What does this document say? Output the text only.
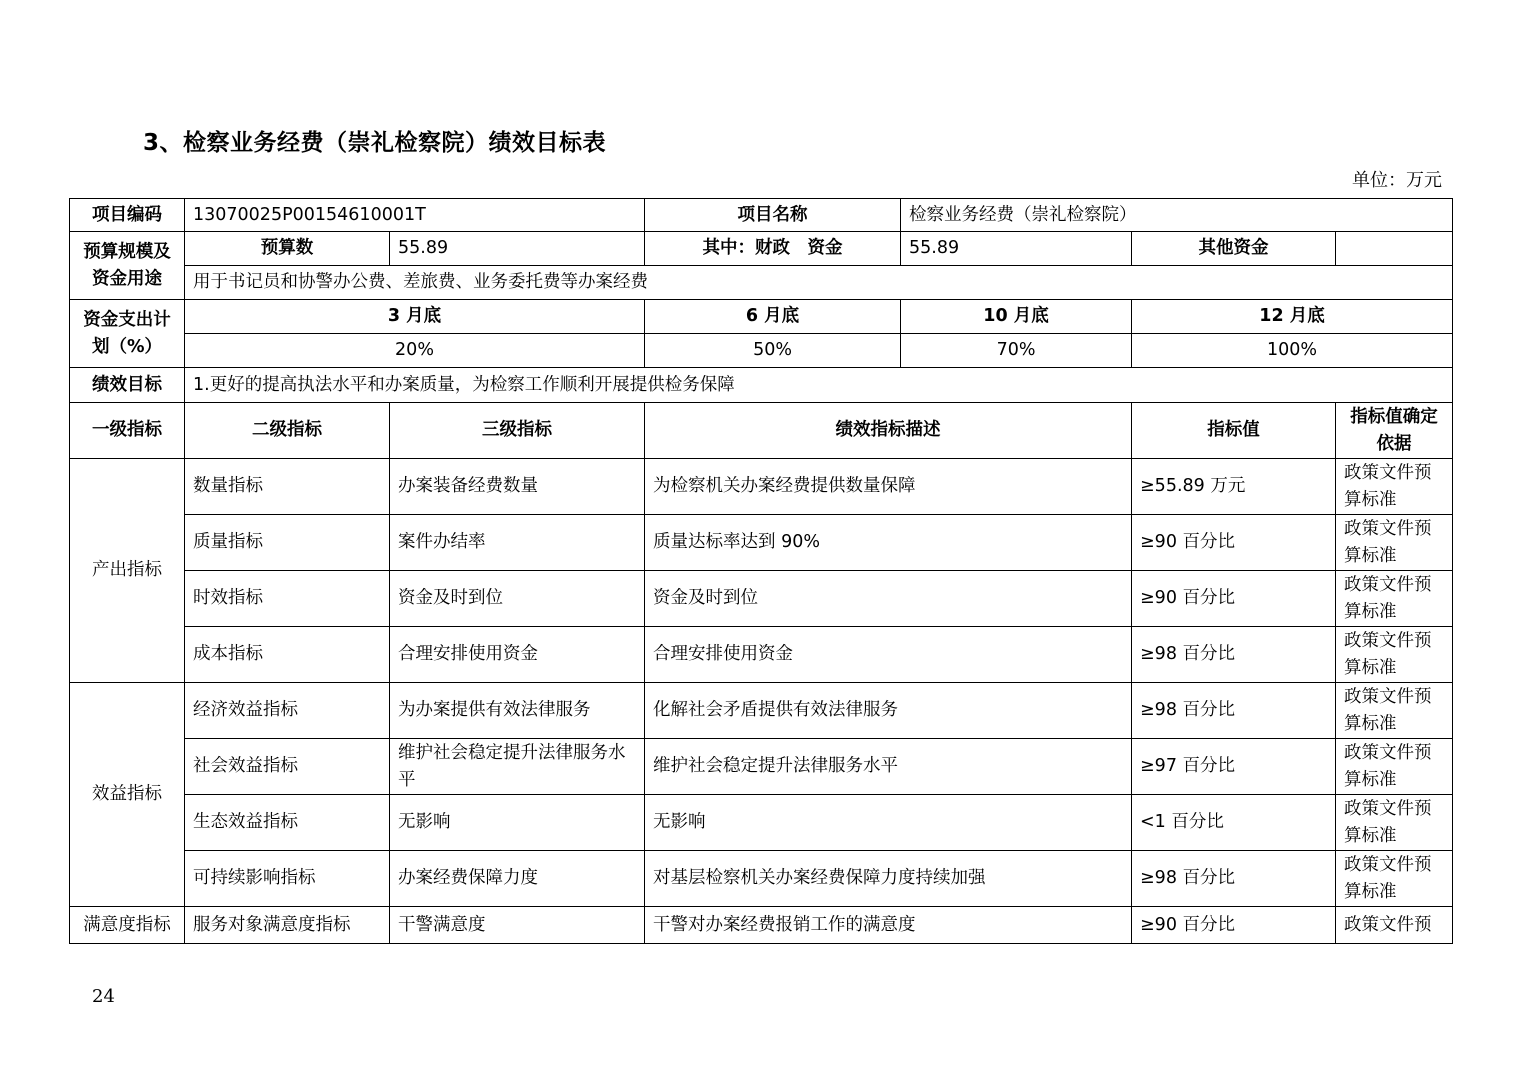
3、检察业务经费（崇礼检察院）绩效目标表
单位：万元
项目编码	13070025P00154610001T		项目名称	检察业务经费（崇礼检察院）		
预算规模及资金用途	预算数	55.89	其中：财政　资金	55.89	其他资金	
	用于书记员和协警办公费、差旅费、业务委托费等办案经费					
资金支出计划（%）	3 月底		6 月底	10 月底	12 月底	
	20%		50%	70%	100%	
绩效目标	1.更好的提高执法水平和办案质量，为检察工作顺利开展提供检务保障					
一级指标	二级指标	三级指标	绩效指标描述		指标值	指标值确定依据
产出指标	数量指标	办案装备经费数量	为检察机关办案经费提供数量保障		≥55.89 万元	政策文件预算标准
	质量指标	案件办结率	质量达标率达到 90%		≥90 百分比	政策文件预算标准
	时效指标	资金及时到位	资金及时到位		≥90 百分比	政策文件预算标准
	成本指标	合理安排使用资金	合理安排使用资金		≥98 百分比	政策文件预算标准
效益指标	经济效益指标	为办案提供有效法律服务	化解社会矛盾提供有效法律服务		≥98 百分比	政策文件预算标准
	社会效益指标	维护社会稳定提升法律服务水平	维护社会稳定提升法律服务水平		≥97 百分比	政策文件预算标准
	生态效益指标	无影响	无影响		<1 百分比	政策文件预算标准
	可持续影响指标	办案经费保障力度	对基层检察机关办案经费保障力度持续加强		≥98 百分比	政策文件预算标准
满意度指标	服务对象满意度指标	干警满意度	干警对办案经费报销工作的满意度		≥90 百分比	政策文件预
24
